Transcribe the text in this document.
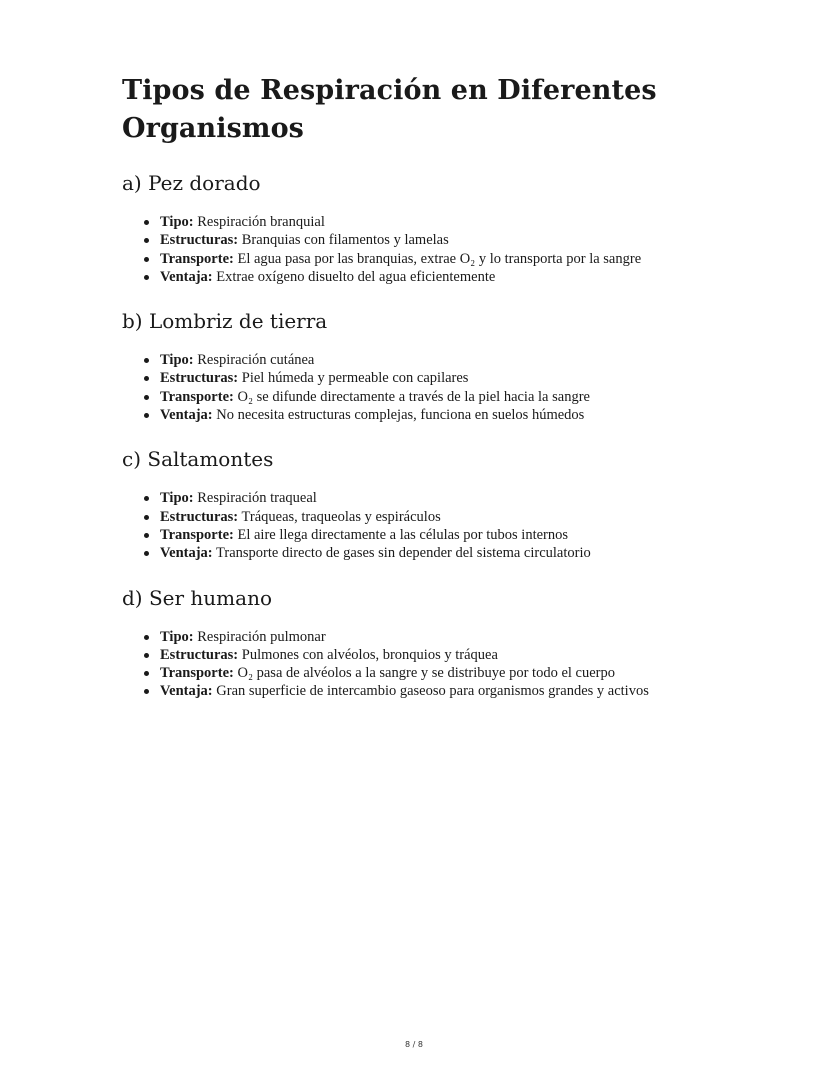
Tipos de Respiración en Diferentes Organismos
a) Pez dorado
Tipo: Respiración branquial
Estructuras: Branquias con filamentos y lamelas
Transporte: El agua pasa por las branquias, extrae O₂ y lo transporta por la sangre
Ventaja: Extrae oxígeno disuelto del agua eficientemente
b) Lombriz de tierra
Tipo: Respiración cutánea
Estructuras: Piel húmeda y permeable con capilares
Transporte: O₂ se difunde directamente a través de la piel hacia la sangre
Ventaja: No necesita estructuras complejas, funciona en suelos húmedos
c) Saltamontes
Tipo: Respiración traqueal
Estructuras: Tráqueas, traqueolas y espiráculos
Transporte: El aire llega directamente a las células por tubos internos
Ventaja: Transporte directo de gases sin depender del sistema circulatorio
d) Ser humano
Tipo: Respiración pulmonar
Estructuras: Pulmones con alvéolos, bronquios y tráquea
Transporte: O₂ pasa de alvéolos a la sangre y se distribuye por todo el cuerpo
Ventaja: Gran superficie de intercambio gaseoso para organismos grandes y activos
8 / 8
